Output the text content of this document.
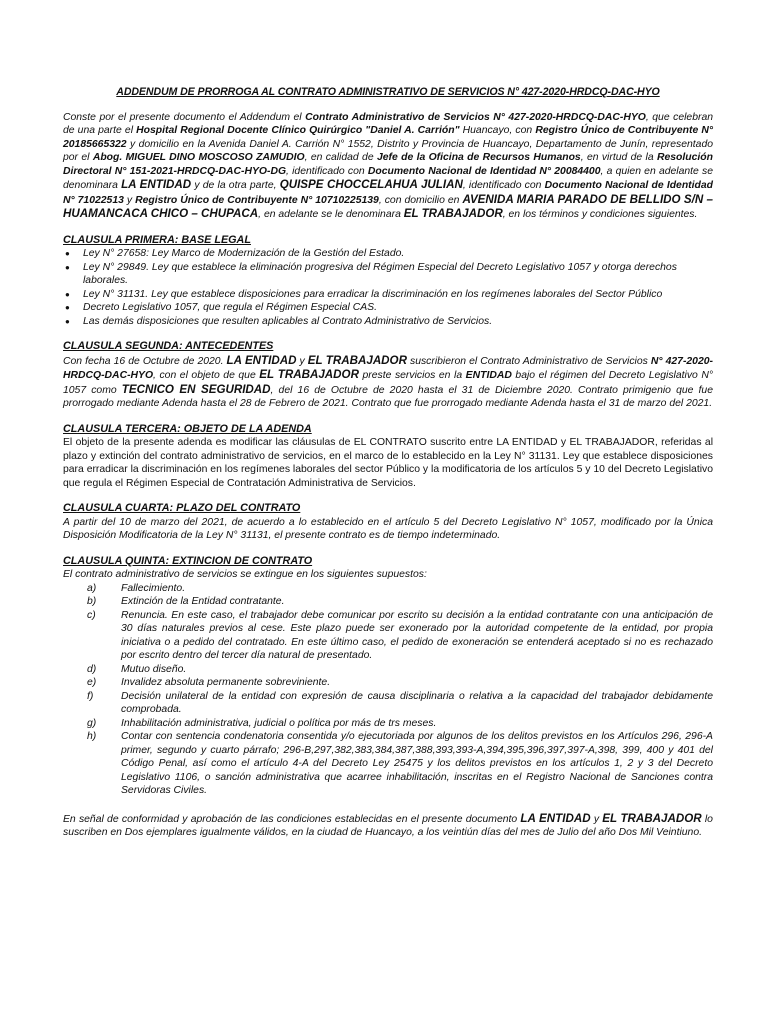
ADDENDUM DE PRORROGA AL CONTRATO ADMINISTRATIVO DE SERVICIOS N° 427-2020-HRDCQ-DAC-HYO

Conste por el presente documento el Addendum el Contrato Administrativo de Servicios N° 427-2020-HRDCQ-DAC-HYO, que celebran de una parte el Hospital Regional Docente Clínico Quirúrgico "Daniel A. Carrión" Huancayo, con Registro Único de Contribuyente N° 20185665322 y domicilio en la Avenida Daniel A. Carrión N° 1552, Distrito y Provincia de Huancayo, Departamento de Junín, representado por el Abog. MIGUEL DINO MOSCOSO ZAMUDIO, en calidad de Jefe de la Oficina de Recursos Humanos, en virtud de la Resolución Directoral N° 151-2021-HRDCQ-DAC-HYO-DG, identificado con Documento Nacional de Identidad N° 20084400, a quien en adelante se denominara LA ENTIDAD y de la otra parte, QUISPE CHOCCELAHUA JULIAN, identificado con Documento Nacional de Identidad N° 71022513 y Registro Único de Contribuyente N° 10710225139, con domicilio en AVENIDA MARIA PARADO DE BELLIDO S/N – HUAMANCACA CHICO – CHUPACA, en adelante se le denominara EL TRABAJADOR, en los términos y condiciones siguientes.

CLAUSULA PRIMERA: BASE LEGAL
● Ley N° 27658: Ley Marco de Modernización de la Gestión del Estado.
● Ley N° 29849. Ley que establece la eliminación progresiva del Régimen Especial del Decreto Legislativo 1057 y otorga derechos laborales.
● Ley N° 31131. Ley que establece disposiciones para erradicar la discriminación en los regímenes laborales del Sector Público
● Decreto Legislativo 1057, que regula el Régimen Especial CAS.
● Las demás disposiciones que resulten aplicables al Contrato Administrativo de Servicios.
CLAUSULA SEGUNDA: ANTECEDENTES

Con fecha 16 de Octubre de 2020. LA ENTIDAD y EL TRABAJADOR suscribieron el Contrato Administrativo de Servicios N° 427-2020-HRDCQ-DAC-HYO, con el objeto de que EL TRABAJADOR preste servicios en la ENTIDAD bajo el régimen del Decreto Legislativo N° 1057 como TECNICO EN SEGURIDAD, del 16 de Octubre de 2020 hasta el 31 de Diciembre 2020. Contrato primigenio que fue prorrogado mediante Adenda hasta el 28 de Febrero de 2021. Contrato que fue prorrogado mediante Adenda hasta el 31 de marzo del 2021.

CLAUSULA TERCERA: OBJETO DE LA ADENDA

El objeto de la presente adenda es modificar las cláusulas de EL CONTRATO suscrito entre LA ENTIDAD y EL TRABAJADOR, referidas al plazo y extinción del contrato administrativo de servicios, en el marco de lo establecido en la Ley N° 31131. Ley que establece disposiciones para erradicar la discriminación en los regímenes laborales del sector Público y la modificatoria de los artículos 5 y 10 del Decreto Legislativo que regula el Régimen Especial de Contratación Administrativa de Servicios.

CLAUSULA CUARTA: PLAZO DEL CONTRATO

A partir del 10 de marzo del 2021, de acuerdo a lo establecido en el artículo 5 del Decreto Legislativo N° 1057, modificado por la Única Disposición Modificatoria de la Ley N° 31131, el presente contrato es de tiempo indeterminado.

CLAUSULA QUINTA: EXTINCION DE CONTRATO

El contrato administrativo de servicios se extingue en los siguientes supuestos:

a)	Fallecimiento.
b)	Extinción de la Entidad contratante.
c)	Renuncia. En este caso, el trabajador debe comunicar por escrito su decisión a la entidad contratante con una anticipación de 30 días naturales previos al cese. Este plazo puede ser exonerado por la autoridad competente de la entidad, por propia iniciativa o a pedido del contratado. En este último caso, el pedido de exoneración se entenderá aceptado si no es rechazado por escrito dentro del tercer día natural de presentado.
d)	Mutuo diseño.
e)	Invalidez absoluta permanente sobreviniente.
f)	Decisión unilateral de la entidad con expresión de causa disciplinaria o relativa a la capacidad del trabajador debidamente comprobada.
g)	Inhabilitación administrativa, judicial o política por más de trs meses.
h)	Contar con sentencia condenatoria consentida y/o ejecutoriada por algunos de los delitos previstos en los Artículos 296, 296-A primer, segundo y cuarto párrafo; 296-B,297,382,383,384,387,388,393,393-A,394,395,396,397,397-A,398, 399, 400 y 401 del Código Penal, así como el artículo 4-A del Decreto Ley 25475 y los delitos previstos en los artículos 1, 2 y 3 del Decreto Legislativo 1106, o sanción administrativa que acarree inhabilitación, inscritas en el Registro Nacional de Sanciones contra Servidoras Civiles.

En señal de conformidad y aprobación de las condiciones establecidas en el presente documento LA ENTIDAD y EL TRABAJADOR lo suscriben en Dos ejemplares igualmente válidos, en la ciudad de Huancayo, a los veintiún días del mes de Julio del año Dos Mil Veintiuno.
